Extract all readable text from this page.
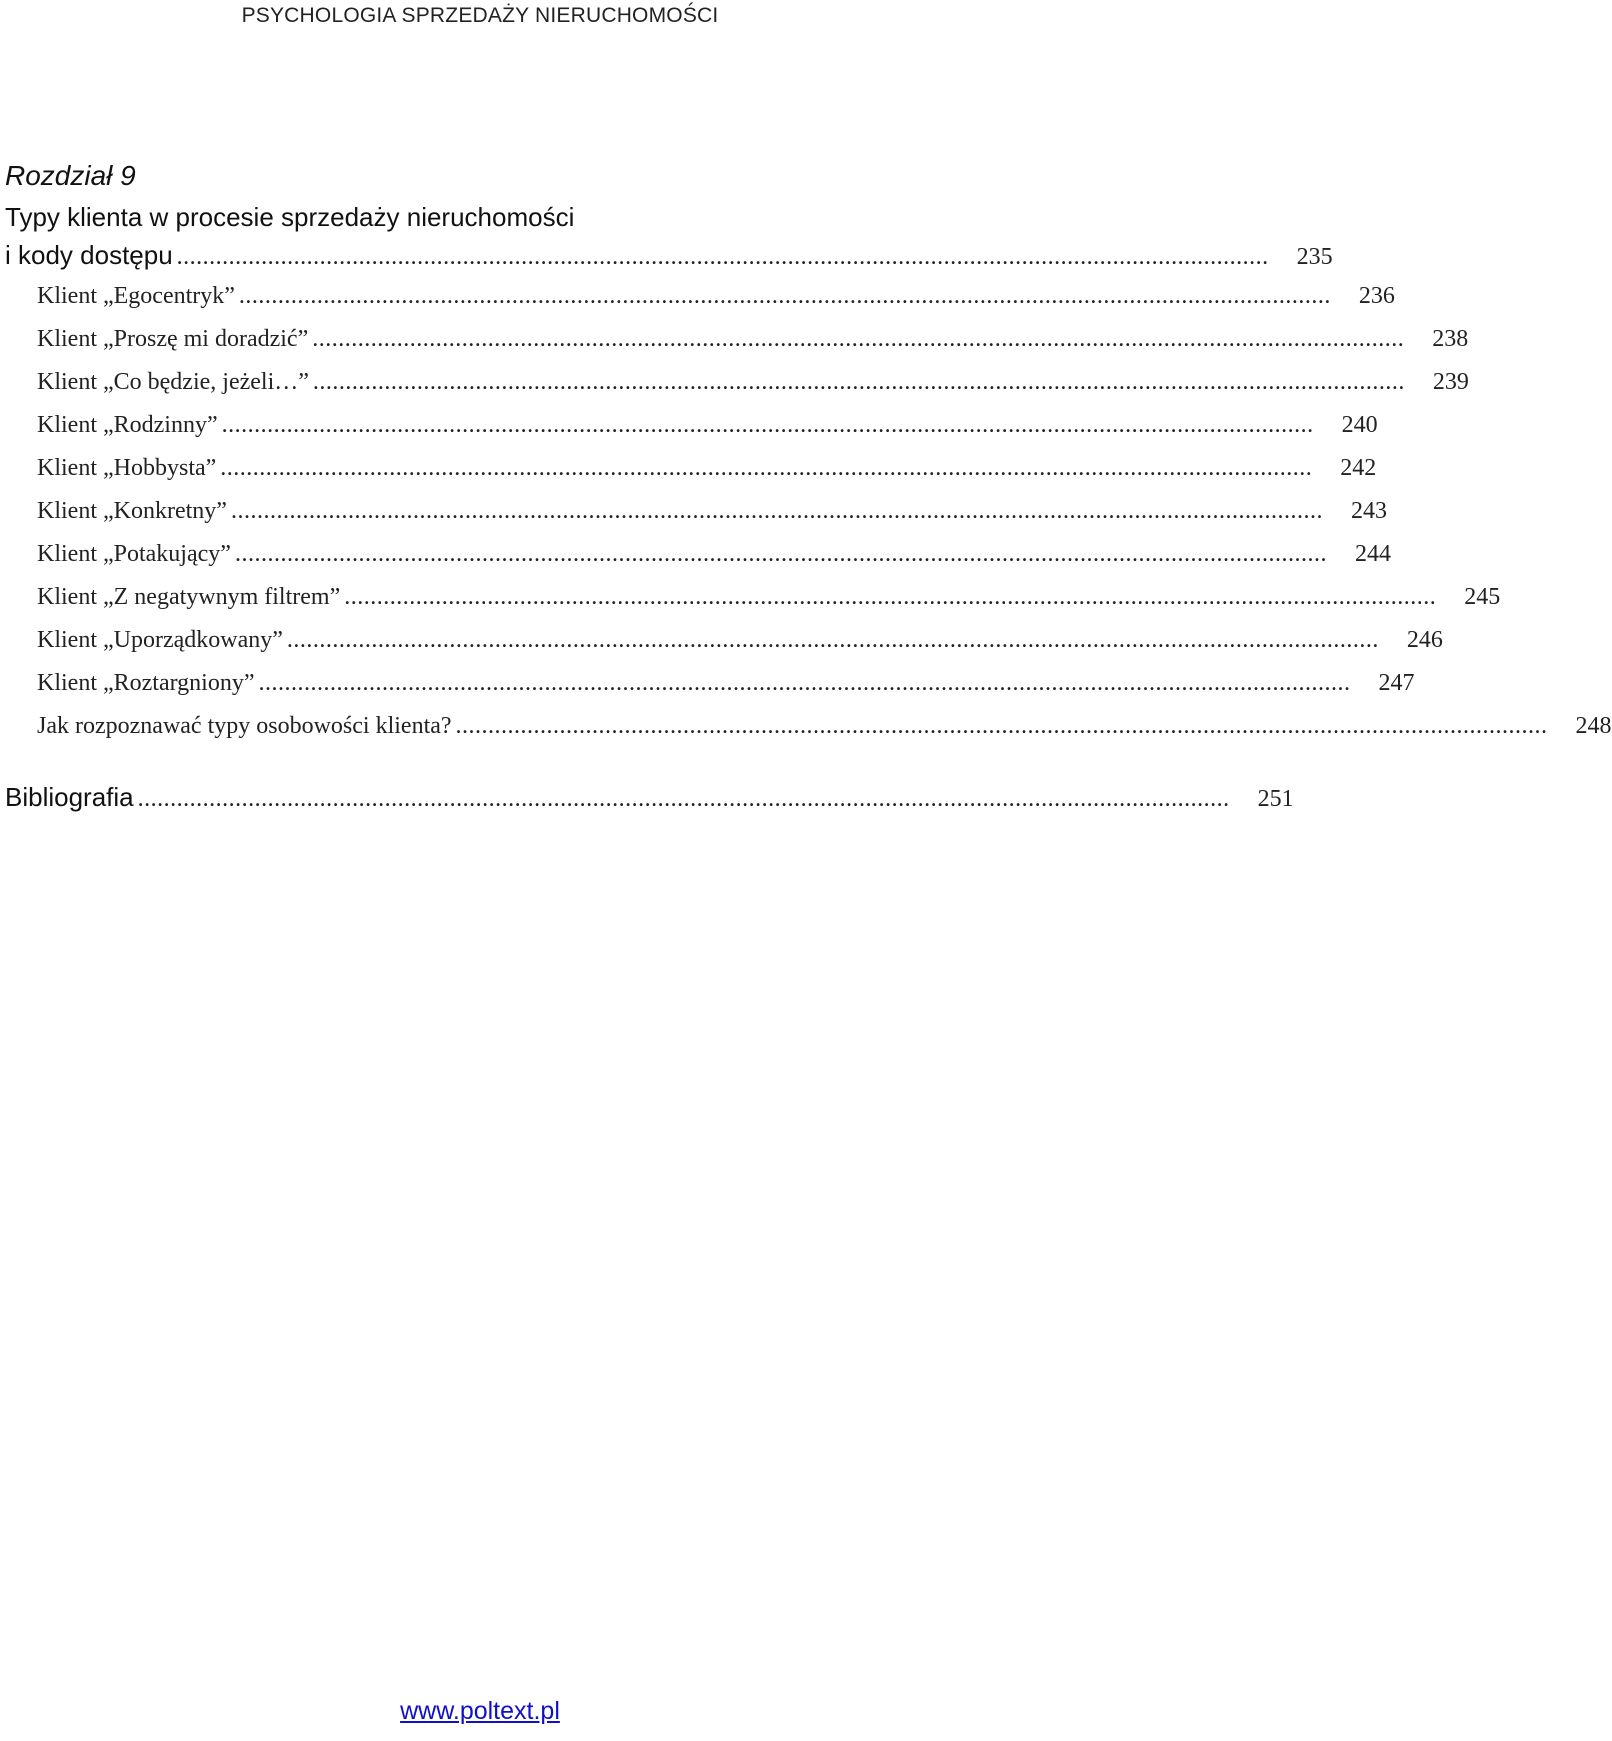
PSYCHOLOGIA SPRZEDAŻY NIERUCHOMOŚCI
Rozdział 9
Typy klienta w procesie sprzedaży nieruchomości
i kody dostępu ........................................................................................................................................................................	235
Klient „Egocentryk” ........................................................................................................................................................................	236
Klient „Proszę mi doradzić” ........................................................................................................................................................................	238
Klient „Co będzie, jeżeli…” ........................................................................................................................................................................	239
Klient „Rodzinny” ........................................................................................................................................................................	240
Klient „Hobbysta” ........................................................................................................................................................................	242
Klient „Konkretny” ........................................................................................................................................................................	243
Klient „Potakujący” ........................................................................................................................................................................	244
Klient „Z negatywnym filtrem” ........................................................................................................................................................................	245
Klient „Uporządkowany” ........................................................................................................................................................................	246
Klient „Roztargniony” ........................................................................................................................................................................	247
Jak rozpoznawać typy osobowości klienta? ........................................................................................................................................................................	248
Bibliografia ........................................................................................................................................................................	251
www.poltext.pl
